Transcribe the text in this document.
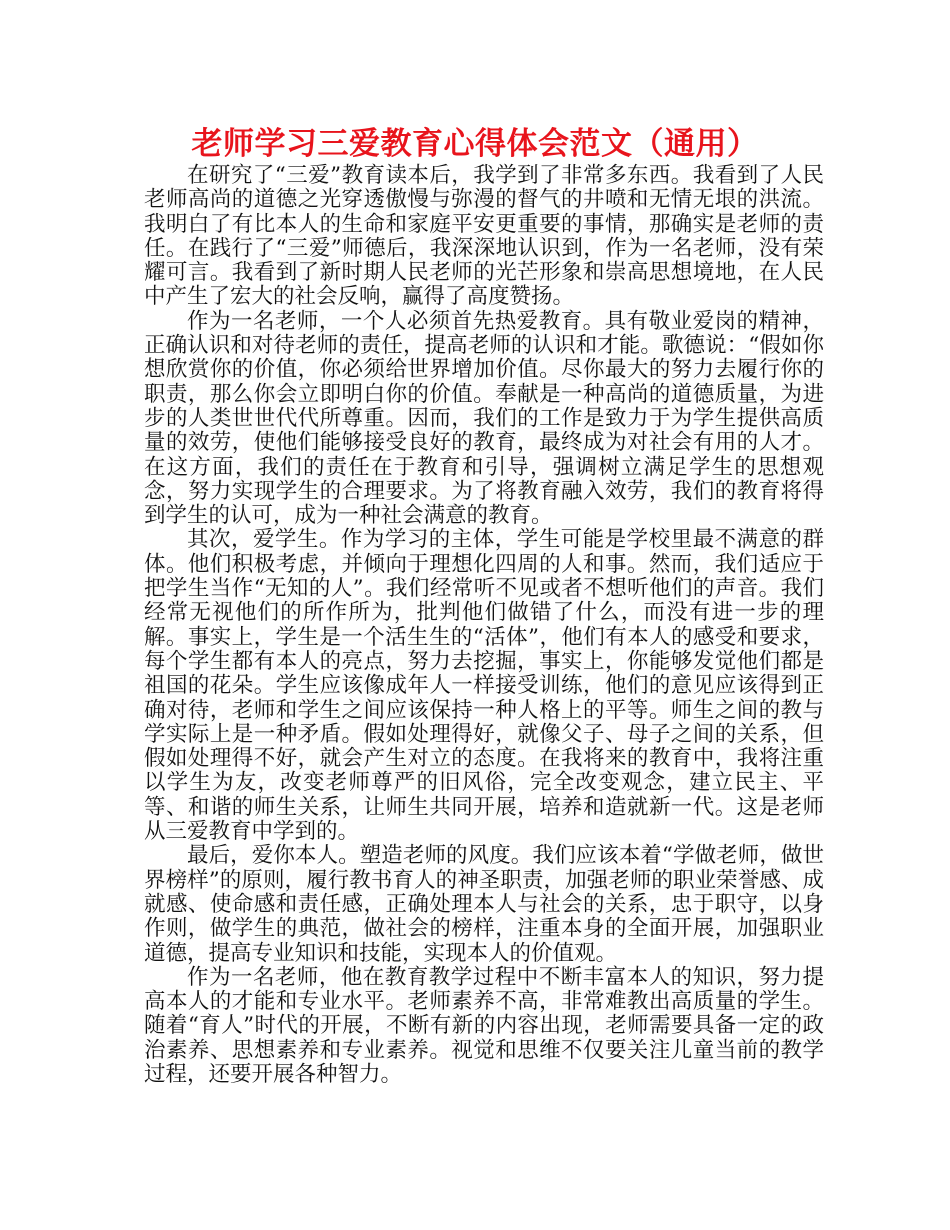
老师学习三爱教育心得体会范文（通用）

在研究了“三爱”教育读本后，我学到了非常多东西。我看到了人民老师高尚的道德之光穿透傲慢与弥漫的督气的井喷和无情无垠的洪流。我明白了有比本人的生命和家庭平安更重要的事情，那确实是老师的责任。在践行了“三爱”师德后，我深深地认识到，作为一名老师，没有荣耀可言。我看到了新时期人民老师的光芒形象和崇高思想境地，在人民中产生了宏大的社会反响，赢得了高度赞扬。

作为一名老师，一个人必须首先热爱教育。具有敬业爱岗的精神，正确认识和对待老师的责任，提高老师的认识和才能。歌德说：“假如你想欣赏你的价值，你必须给世界增加价值。尽你最大的努力去履行你的职责，那么你会立即明白你的价值。奉献是一种高尚的道德质量，为进步的人类世世代代所尊重。因而，我们的工作是致力于为学生提供高质量的效劳，使他们能够接受良好的教育，最终成为对社会有用的人才。在这方面，我们的责任在于教育和引导，强调树立满足学生的思想观念，努力实现学生的合理要求。为了将教育融入效劳，我们的教育将得到学生的认可，成为一种社会满意的教育。

其次，爱学生。作为学习的主体，学生可能是学校里最不满意的群体。他们积极考虑，并倾向于理想化四周的人和事。然而，我们适应于把学生当作“无知的人”。我们经常听不见或者不想听他们的声音。我们经常无视他们的所作所为，批判他们做错了什么，而没有进一步的理解。事实上，学生是一个活生生的“活体”，他们有本人的感受和要求，每个学生都有本人的亮点，努力去挖掘，事实上，你能够发觉他们都是祖国的花朵。学生应该像成年人一样接受训练，他们的意见应该得到正确对待，老师和学生之间应该保持一种人格上的平等。师生之间的教与学实际上是一种矛盾。假如处理得好，就像父子、母子之间的关系，但假如处理得不好，就会产生对立的态度。在我将来的教育中，我将注重以学生为友，改变老师尊严的旧风俗，完全改变观念，建立民主、平等、和谐的师生关系，让师生共同开展，培养和造就新一代。这是老师从三爱教育中学到的。

最后，爱你本人。塑造老师的风度。我们应该本着“学做老师，做世界榜样”的原则，履行教书育人的神圣职责，加强老师的职业荣誉感、成就感、使命感和责任感，正确处理本人与社会的关系，忠于职守，以身作则，做学生的典范，做社会的榜样，注重本身的全面开展，加强职业道德，提高专业知识和技能，实现本人的价值观。

作为一名老师，他在教育教学过程中不断丰富本人的知识，努力提高本人的才能和专业水平。老师素养不高，非常难教出高质量的学生。随着“育人”时代的开展，不断有新的内容出现，老师需要具备一定的政治素养、思想素养和专业素养。视觉和思维不仅要关注儿童当前的教学过程，还要开展各种智力。
